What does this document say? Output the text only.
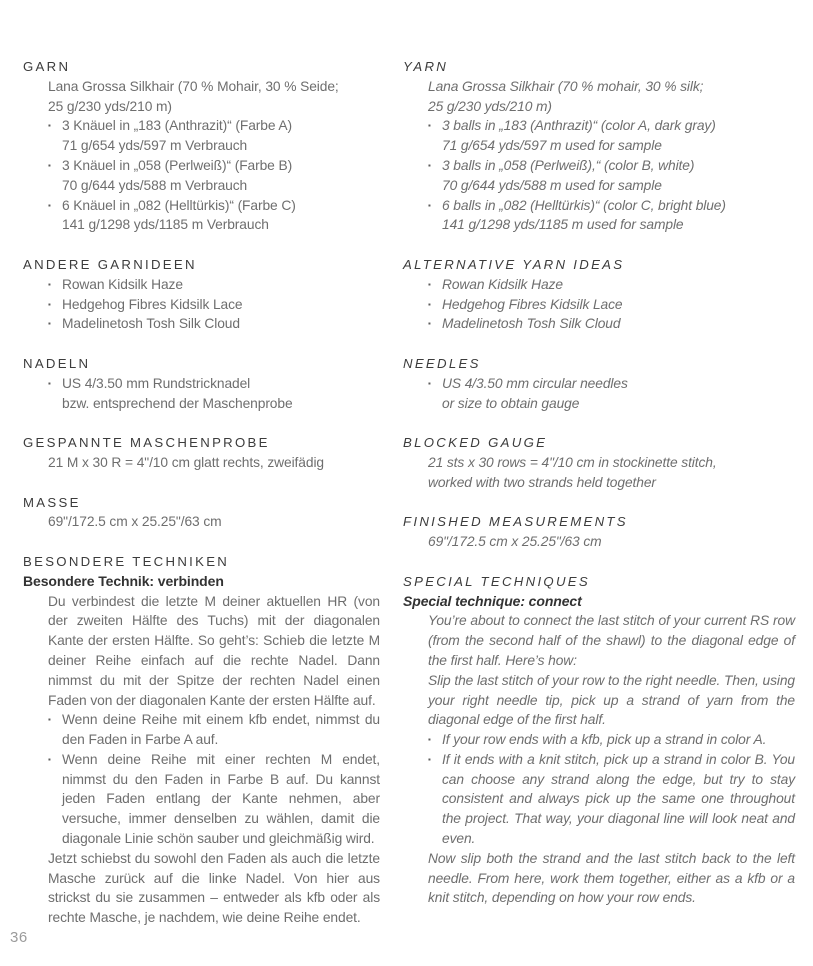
GARN
Lana Grossa Silkhair (70 % Mohair, 30 % Seide;
25 g/230 yds/210 m)
▪ 3 Knäuel in „183 (Anthrazit)“ (Farbe A)
71 g/654 yds/597 m Verbrauch
▪ 3 Knäuel in „058 (Perlweiß)“ (Farbe B)
70 g/644 yds/588 m Verbrauch
▪ 6 Knäuel in „082 (Helltürkis)“ (Farbe C)
141 g/1298 yds/1185 m Verbrauch
ANDERE GARNIDEEN
▪ Rowan Kidsilk Haze
▪ Hedgehog Fibres Kidsilk Lace
▪ Madelinetosh Tosh Silk Cloud
NADELN
▪ US 4/3.50 mm Rundstricknadel
bzw. entsprechend der Maschenprobe
GESPANNTE MASCHENPROBE
21 M x 30 R = 4"/10 cm glatt rechts, zweifädig
MASSE
69"/172.5 cm x 25.25"/63 cm
BESONDERE TECHNIKEN
Besondere Technik: verbinden
Du verbindest die letzte M deiner aktuellen HR (von der zweiten Hälfte des Tuchs) mit der diagonalen Kante der ersten Hälfte. So geht’s: Schieb die letzte M deiner Reihe einfach auf die rechte Nadel. Dann nimmst du mit der Spitze der rechten Nadel einen Faden von der diagonalen Kante der ersten Hälfte auf.
▪ Wenn deine Reihe mit einem kfb endet, nimmst du den Faden in Farbe A auf.
▪ Wenn deine Reihe mit einer rechten M endet, nimmst du den Faden in Farbe B auf. Du kannst jeden Faden entlang der Kante nehmen, aber versuche, immer denselben zu wählen, damit die diagonale Linie schön sauber und gleichmäßig wird.
Jetzt schiebst du sowohl den Faden als auch die letzte Masche zurück auf die linke Nadel. Von hier aus strickst du sie zusammen – entweder als kfb oder als rechte Masche, je nachdem, wie deine Reihe endet.
YARN
Lana Grossa Silkhair (70 % mohair, 30 % silk;
25 g/230 yds/210 m)
▪ 3 balls in „183 (Anthrazit)“ (color A, dark gray)
71 g/654 yds/597 m used for sample
▪ 3 balls in „058 (Perlweiß),“ (color B, white)
70 g/644 yds/588 m used for sample
▪ 6 balls in „082 (Helltürkis)“ (color C, bright blue)
141 g/1298 yds/1185 m used for sample
ALTERNATIVE YARN IDEAS
▪ Rowan Kidsilk Haze
▪ Hedgehog Fibres Kidsilk Lace
▪ Madelinetosh Tosh Silk Cloud
NEEDLES
▪ US 4/3.50 mm circular needles
or size to obtain gauge
BLOCKED GAUGE
21 sts x 30 rows = 4"/10 cm in stockinette stitch,
worked with two strands held together
FINISHED MEASUREMENTS
69"/172.5 cm x 25.25"/63 cm
SPECIAL TECHNIQUES
Special technique: connect
You’re about to connect the last stitch of your current RS row (from the second half of the shawl) to the diagonal edge of the first half. Here’s how:
Slip the last stitch of your row to the right needle. Then, using your right needle tip, pick up a strand of yarn from the diagonal edge of the first half.
▪ If your row ends with a kfb, pick up a strand in color A.
▪ If it ends with a knit stitch, pick up a strand in color B. You can choose any strand along the edge, but try to stay consistent and always pick up the same one throughout the project. That way, your diagonal line will look neat and even.
Now slip both the strand and the last stitch back to the left needle. From here, work them together, either as a kfb or a knit stitch, depending on how your row ends.
36
